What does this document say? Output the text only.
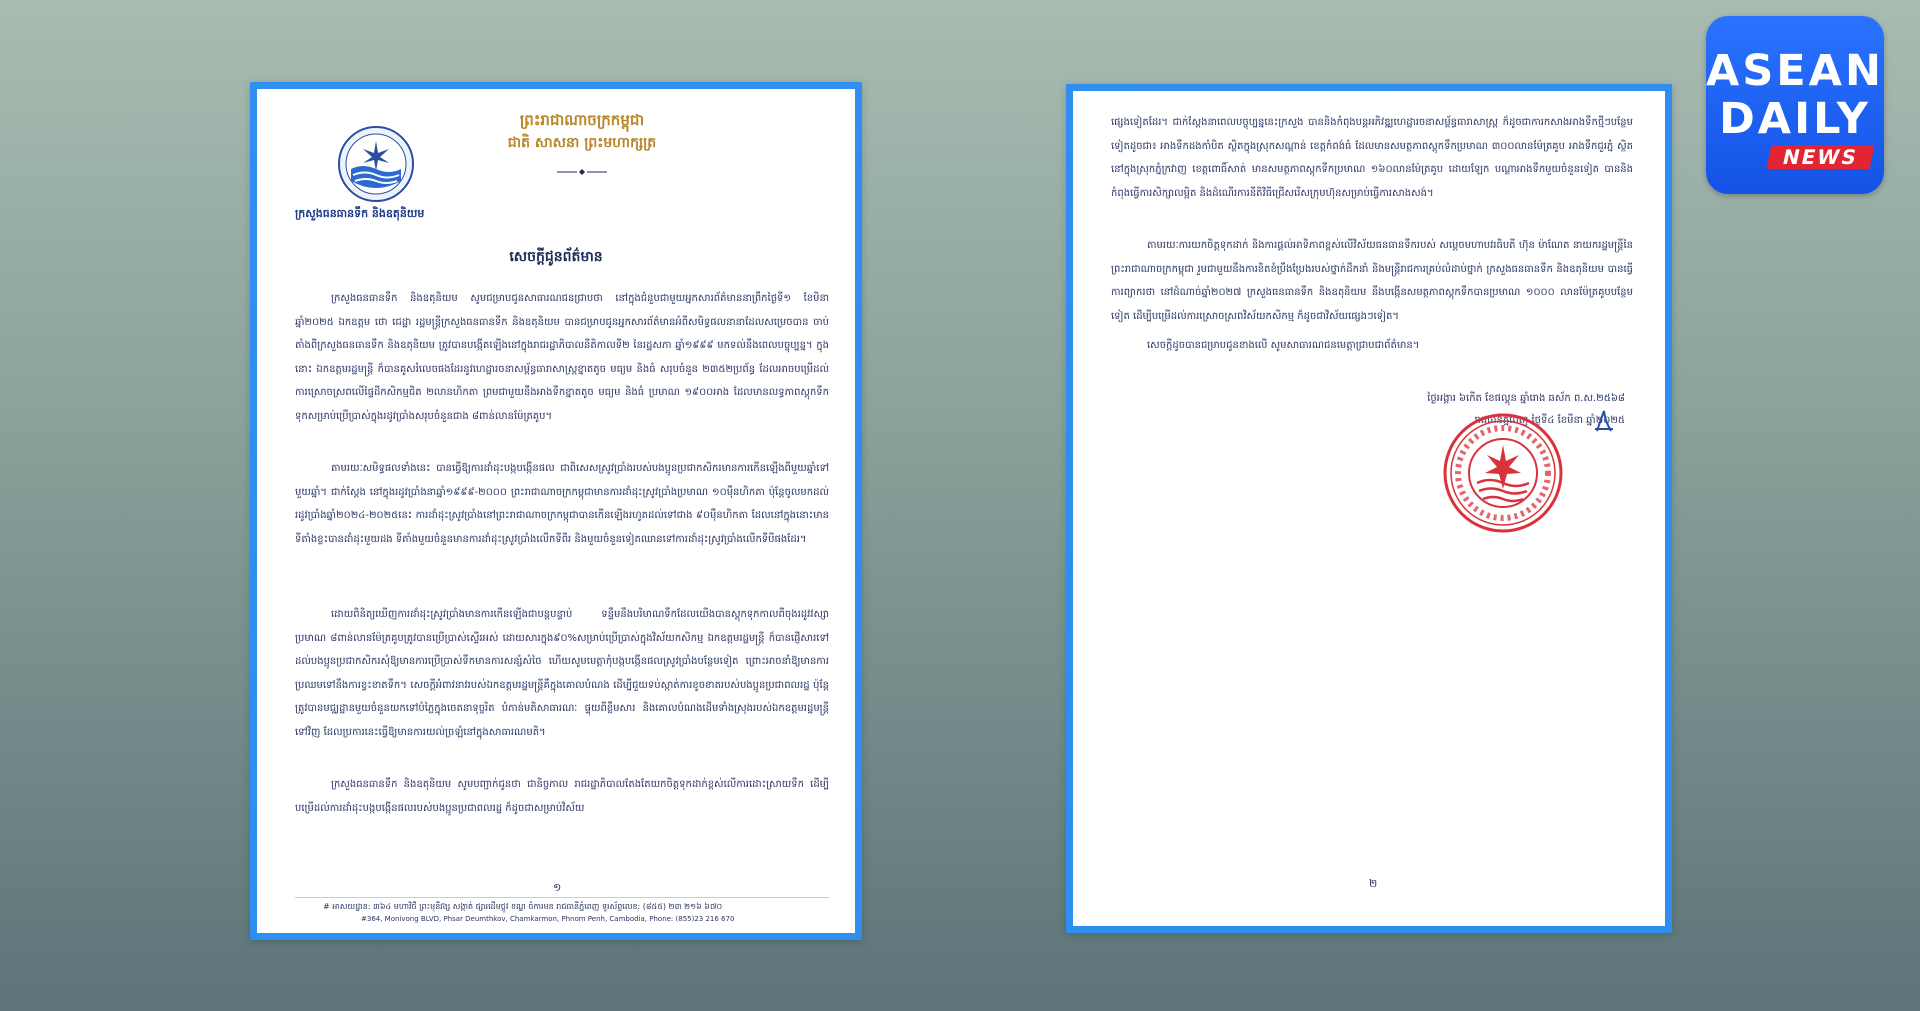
ក្រសួងធនធានទឹក និងឧតុនិយម
ព្រះរាជាណាចក្រកម្ពុជា
ជាតិ សាសនា ព្រះមហាក្សត្រ
សេចក្តីជូនព័ត៌មាន

ក្រសួងធនធានទឹក និងឧតុនិយម សូមជម្រាបជូនសាធារណជនជ្រាបថា នៅក្នុងជំនួបជាមួយអ្នកសារព័ត៌មាននាព្រឹកថ្ងៃទី១ ខែមិនា ឆ្នាំ២០២៥ ឯកឧត្តម ថោ ជេដ្ឋា រដ្ឋមន្រ្តីក្រសួងធនធានទឹក និងឧតុនិយម បានជម្រាបជូនអ្នកសារព័ត៌មានអំពីសមិទ្ធផលនានាដែលសម្រេចបាន ចាប់តាំងពីក្រសួងធនធានទឹក និងឧតុនិយម ត្រូវបានបង្កើតឡើងនៅក្នុងរាជរដ្ឋាភិបាលនីតិកាលទី២ នៃរដ្ឋសភា ឆ្នាំ១៩៩៩ មកទល់នឹងពេលបច្ចុប្បន្ន។ ក្នុងនោះ ឯកឧត្តមរដ្ឋមន្ត្រី ក៏បានគូសរំលេចផងដែរនូវហេដ្ឋារចនាសម្ព័ន្ធធារាសាស្ត្រខ្នាតតូច មធ្យម និងធំ សរុបចំនួន ២៣៥២ប្រព័ន្ធ ដែលអាចបម្រើដល់ការស្រោចស្រពលើផ្ទៃដីកសិកម្មជិត ២លានហិកតា ព្រមជាមួយនឹងអាងទឹកខ្នាតតូច មធ្យម និងធំ ប្រមាណ ១៩០០អាង ដែលមានលទ្ធភាពស្តុកទឹកទុកសម្រាប់ប្រើប្រាស់ក្នុងរដូវប្រាំងសរុបចំនួនជាង ៨ពាន់លានម៉ែត្រគូប។

តាមរយៈសមិទ្ធផលទាំងនេះ បានធ្វើឱ្យការដាំដុះបង្កបង្កើនផល ជាពិសេសស្រូវប្រាំងរបស់បងប្អូនប្រជាកសិករមានការកើនឡើងពីមួយឆ្នាំទៅមួយឆ្នាំ។ ជាក់ស្តែង នៅក្នុងរដូវប្រាំងនាឆ្នាំ១៩៩៩-២០០០ ព្រះរាជាណាចក្រកម្ពុជាមានការដាំដុះស្រូវប្រាំងប្រមាណ ១០ម៉ឺនហិកតា ប៉ុន្តែចូលមកដល់រដូវប្រាំងឆ្នាំ២០២៤-២០២៥នេះ ការដាំដុះស្រូវប្រាំងនៅព្រះរាជាណាចក្រកម្ពុជាបានកើនឡើងរហូតដល់ទៅជាង ៩០ម៉ឺនហិកតា ដែលនៅក្នុងនោះមានទីតាំងខ្លះបានដាំដុះមួយដង ទីតាំងមួយចំនួនមានការដាំដុះស្រូវប្រាំងលើកទីពីរ និងមួយចំនួនទៀតឈានទៅការដាំដុះស្រូវប្រាំងលើកទីបីផងដែរ។

ដោយពិនិត្យឃើញការដាំដុះស្រូវប្រាំងមានការកើនឡើងជាបន្តបន្ទាប់ ទន្ទឹមនឹងបរិមាណទឹកដែលយើងបានស្តុកទុកកាលពីចុងរដូវវស្សាប្រមាណ ៨ពាន់លានម៉ែត្រគូបត្រូវបានប្រើប្រាស់ស្ទើរអស់ ដោយសារក្នុង៩០%សម្រាប់ប្រើប្រាស់ក្នុងវិស័យកសិកម្ម ឯកឧត្តមរដ្ឋមន្ត្រី ក៏បានផ្ញើសារទៅដល់បងប្អូនប្រជាកសិករសុំឱ្យមានការប្រើប្រាស់ទឹកមានការសន្សំសំចៃ ហើយសូមមេត្តាកុំបង្កបង្កើនផលស្រូវប្រាំងបន្ថែមទៀត ព្រោះអាចនាំឱ្យមានការប្រឈមទៅនឹងការខ្វះខាតទឹក។ សេចក្តីអំពាវនាវរបស់ឯកឧត្តមរដ្ឋមន្ត្រីគឺក្នុងគោលបំណង ដើម្បីជួយទប់ស្កាត់ការខូចខាតរបស់បងប្អូនប្រជាពលរដ្ឋ ប៉ុន្តែត្រូវបានមជ្ឈដ្ឋានមួយចំនួនយកទៅបំភ្លៃក្នុងចេតនាទុច្ចរិត បំភាន់មតិសាធារណៈ ផ្ទុយពីខ្លឹមសារ និងគោលបំណងដើមទាំងស្រុងរបស់ឯកឧត្តមរដ្ឋមន្រ្តីទៅវិញ ដែលប្រការនេះធ្វើឱ្យមានការយល់ច្រឡំនៅក្នុងសាធារណមតិ។

ក្រសួងធនធានទឹក និងឧតុនិយម សូមបញ្ជាក់ជូនថា ជានិច្ចកាល រាជរដ្ឋាភិបាលតែងតែយកចិត្តទុកដាក់ខ្ពស់លើការដោះស្រាយទឹក ដើម្បីបម្រើដល់ការដាំដុះបង្កបង្កើនផលរបស់បងប្អូនប្រជាពលរដ្ឋ ក៏ដូចជាសម្រាប់វិស័យ

១
# អាសយដ្ឋាន: ៣៦៤ មហាវិថី ព្រះមុនីវង្ស សង្កាត់ ផ្សារដើមថ្កូវ ខណ្ឌ ចំការមន រាជធានីភ្នំពេញ ទូរស័ព្ទលេខ: (៨៥៥) ២៣ ២១៦ ៦៧០
#364, Monivong BLVD, Phsar Deumthkov, Chamkarmon, Phnom Penh, Cambodia, Phone: (855)23 216 670

ផ្សេងទៀតដែរ។ ជាក់ស្តែងនាពេលបច្ចុប្បន្ននេះក្រសួង បាននិងកំពុងបន្តអភិវឌ្ឍហេដ្ឋារចនាសម្ព័ន្ធធារាសាស្ត្រ ក៏ដូចជាការកសាងអាងទឹកថ្មីៗបន្ថែមទៀតដូចជា៖ អាងទឹកដងកាំបិត ស្ថិតក្នុងស្រុកសណ្តាន់ ខេត្តកំពង់ធំ ដែលមានសមត្ថភាពស្តុកទឹកប្រមាណ ៣០០លានម៉ែត្រគូប អាងទឹកជួរភ្នំ ស្ថិតនៅក្នុងស្រុកភ្នំក្រវាញ ខេត្តពោធិ៍សាត់ មានសមត្ថភាពស្តុកទឹកប្រមាណ ១៦០លានម៉ែត្រគូប ដោយឡែក បណ្តាអាងទឹកមួយចំនួនទៀត បាននិងកំពុងធ្វើការសិក្សាលម្អិត និងដំណើរការនីតិវិធីជ្រើសរើសក្រុមហ៊ុនសម្រាប់ធ្វើការសាងសង់។

តាមរយៈការយកចិត្តទុកដាក់ និងការផ្តល់អាទិភាពខ្ពស់លើវិស័យធនធានទឹករបស់ សម្តេចមហាបវរធិបតី ហ៊ុន ម៉ាណែត នាយករដ្ឋមន្រ្តីនៃព្រះរាជាណាចក្រកម្ពុជា រួមជាមួយនឹងការខិតខំប្រឹងប្រែងរបស់ថ្នាក់ដឹកនាំ និងមន្រ្តីរាជការគ្រប់លំដាប់ថ្នាក់ ក្រសួងធនធានទឹក និងឧតុនិយម បានធ្វើការព្យាករថា នៅដំណាច់ឆ្នាំ២០២៧ ក្រសួងធនធានទឹក និងឧតុនិយម នឹងបង្កើនសមត្ថភាពស្តុកទឹកបានប្រមាណ ១០០០ លានម៉ែត្រគូបបន្ថែមទៀត ដើម្បីបម្រើដល់ការស្រោចស្រពវិស័យកសិកម្ម ក៏ដូចជាវិស័យផ្សេងៗទៀត។

សេចក្តីដូចបានជម្រាបជូនខាងលើ សូមសាធារណជនមេត្តាជ្រាបជាព័ត៌មាន។

ថ្ងៃអង្គារ ៦កើត ខែផល្គុន ឆ្នាំរោង ឆស័ក ព.ស.២៥៦៨
រាជធានីភ្នំពេញ ថ្ងៃទី៤ ខែមីនា ឆ្នាំ២០២៥
២
ASEAN
DAILY
NEWS
